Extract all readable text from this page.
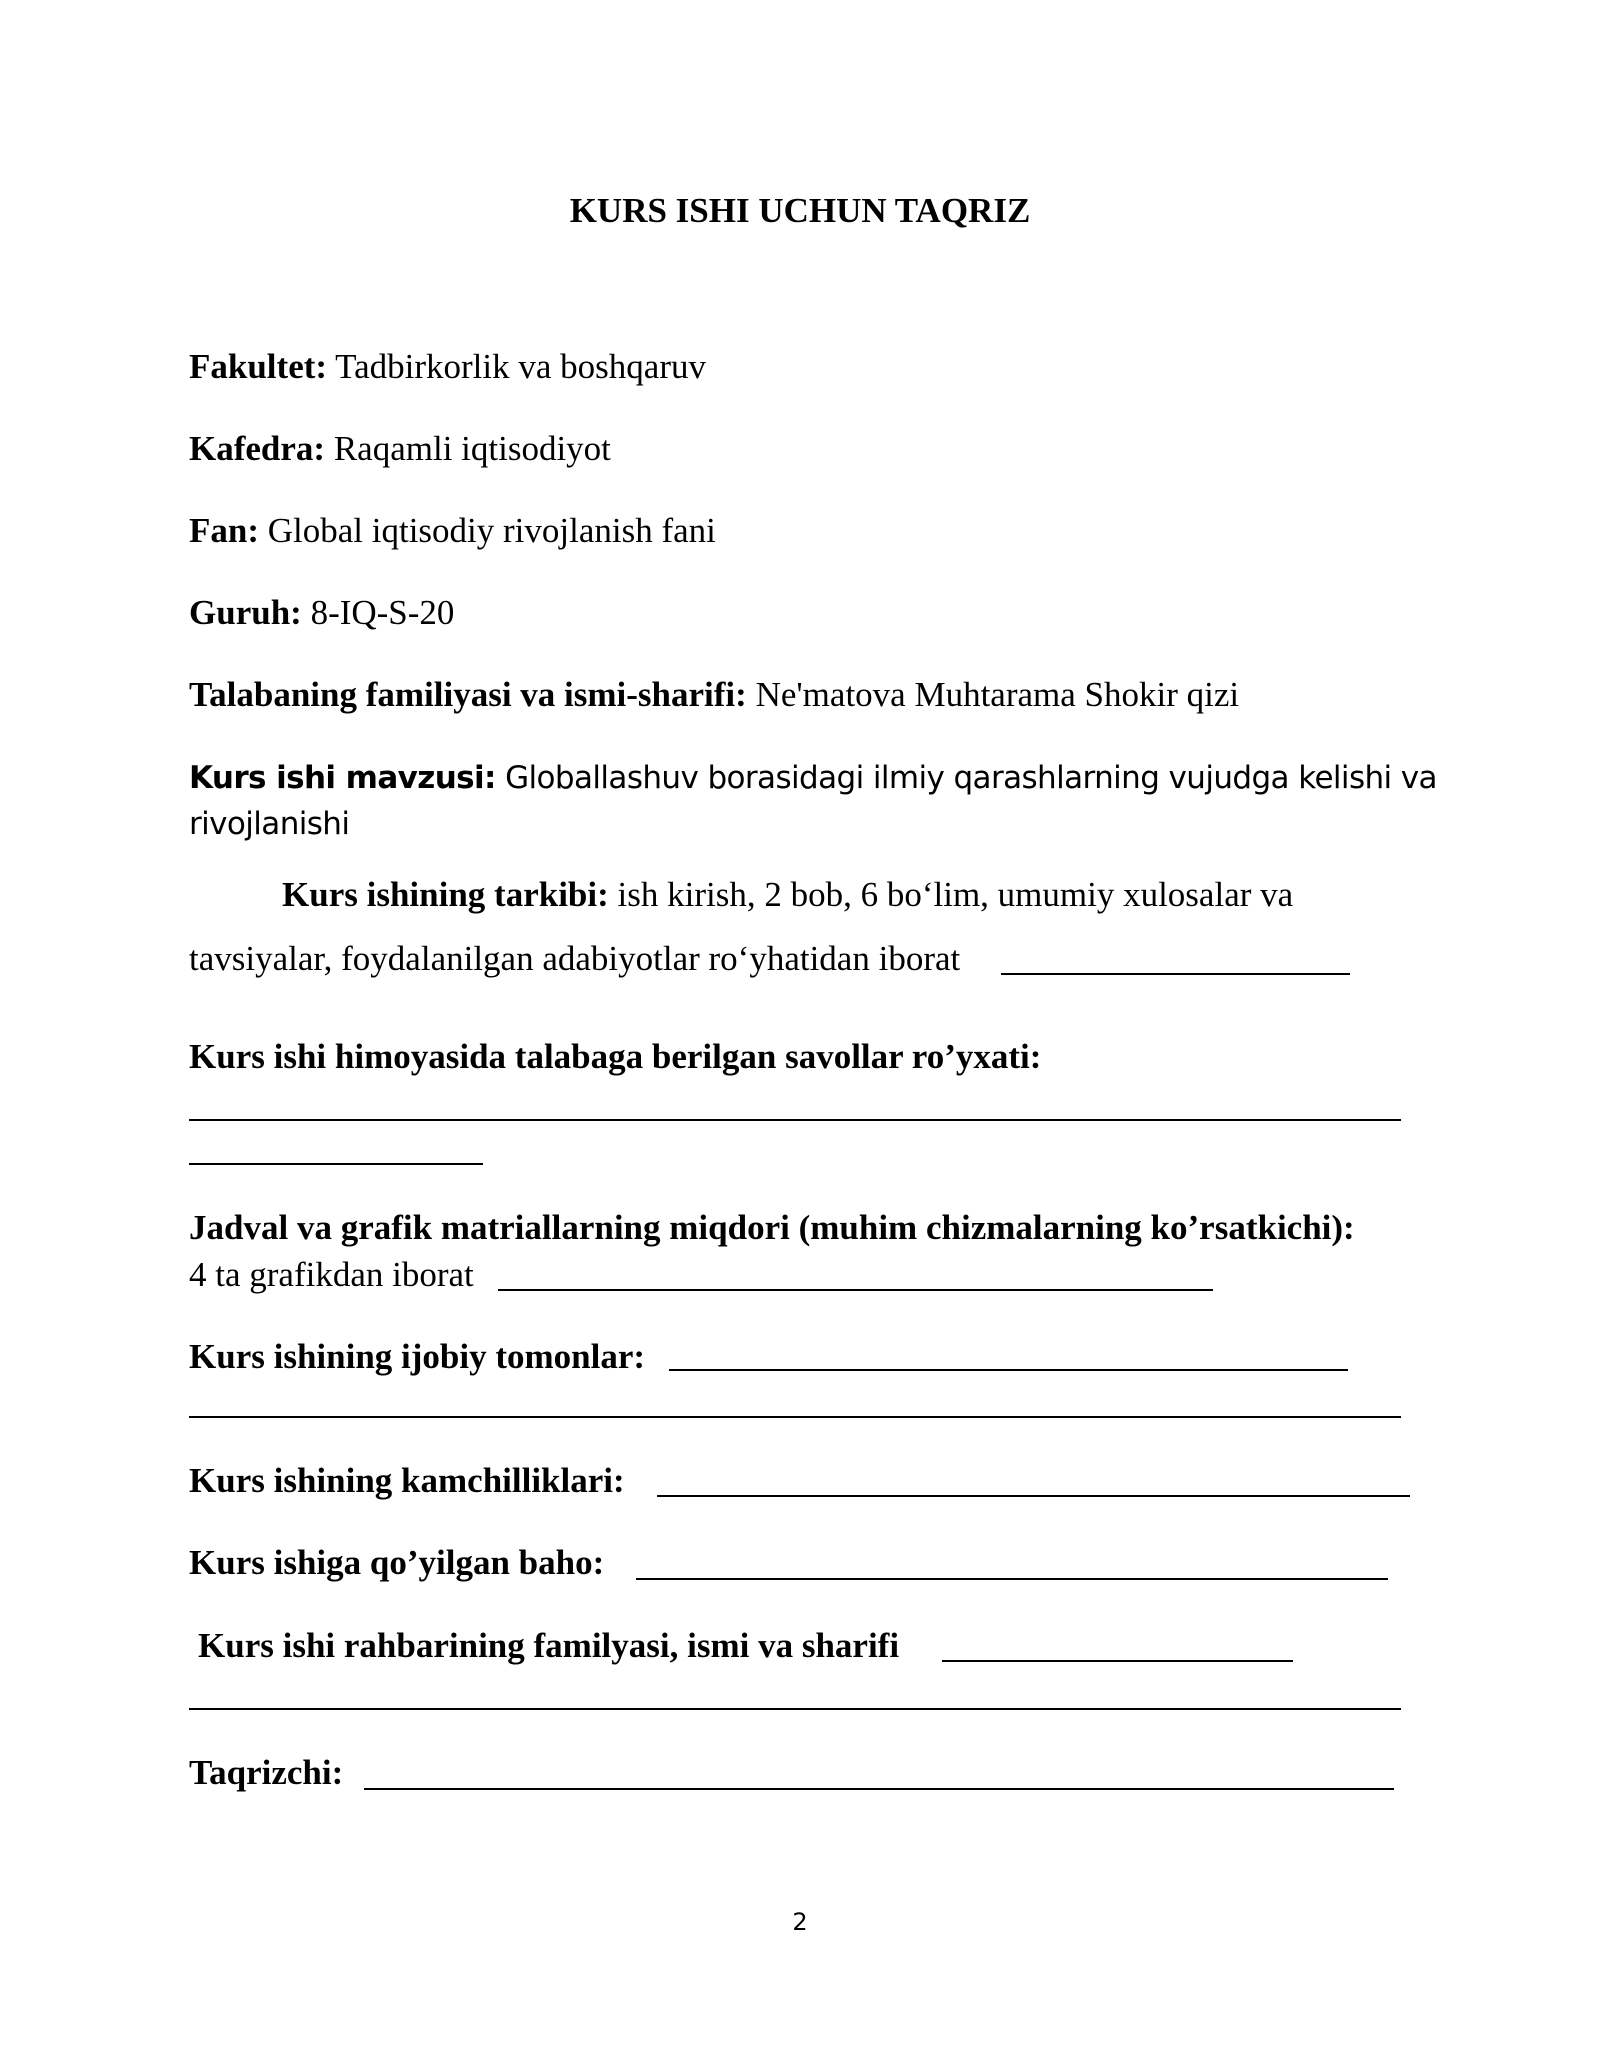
KURS ISHI UCHUN TAQRIZ
Fakultet: Tadbirkorlik va boshqaruv
Kafedra: Raqamli iqtisodiyot
Fan: Global iqtisodiy rivojlanish fani
Guruh: 8-IQ-S-20
Talabaning familiyasi va ismi-sharifi: Ne'matova Muhtarama Shokir qizi
Kurs ishi mavzusi: Globallashuv borasidagi ilmiy qarashlarning vujudga kelishi va
rivojlanishi
Kurs ishining tarkibi: ish kirish, 2 bob, 6 bo‘lim, umumiy xulosalar va
tavsiyalar, foydalanilgan adabiyotlar ro‘yhatidan iborat
Kurs ishi himoyasida talabaga berilgan savollar ro’yxati:
Jadval va grafik matriallarning miqdori (muhim chizmalarning ko’rsatkichi):
4 ta grafikdan iborat
Kurs ishining ijobiy tomonlar:
Kurs ishining kamchilliklari:
Kurs ishiga qo’yilgan baho:
Kurs ishi rahbarining familyasi, ismi va sharifi
Taqrizchi:
2
